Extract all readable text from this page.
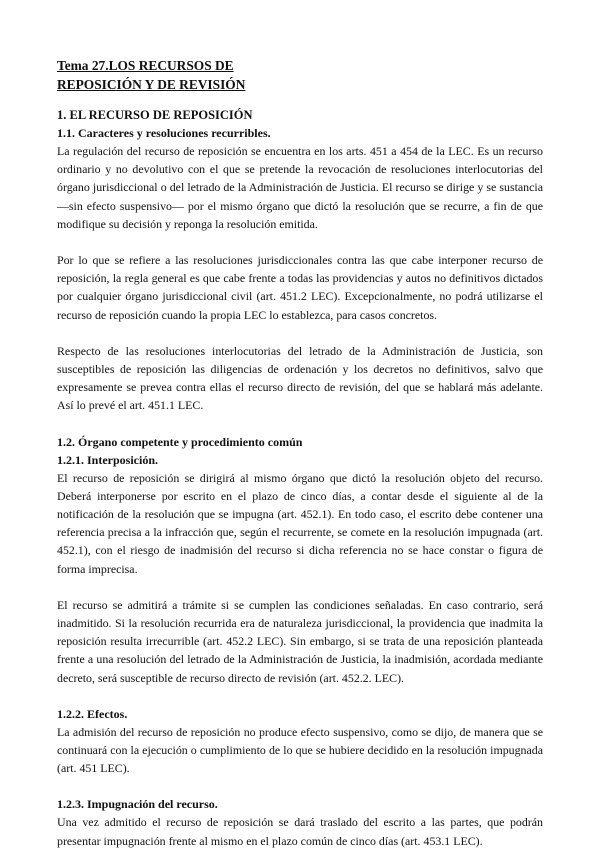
Tema 27.LOS RECURSOS DE
REPOSICIÓN Y DE REVISIÓN
1. EL RECURSO DE REPOSICIÓN
1.1. Caracteres y resoluciones recurribles.

La regulación del recurso de reposición se encuentra en los arts. 451 a 454 de la LEC. Es un recurso ordinario y no devolutivo con el que se pretende la revocación de resoluciones interlocutorias del órgano jurisdiccional o del letrado de la Administración de Justicia. El recurso se dirige y se sustancia —sin efecto suspensivo— por el mismo órgano que dictó la resolución que se recurre, a fin de que modifique su decisión y reponga la resolución emitida.

Por lo que se refiere a las resoluciones jurisdiccionales contra las que cabe interponer recurso de reposición, la regla general es que cabe frente a todas las providencias y autos no definitivos dictados por cualquier órgano jurisdiccional civil (art. 451.2 LEC). Excepcionalmente, no podrá utilizarse el recurso de reposición cuando la propia LEC lo establezca, para casos concretos.

Respecto de las resoluciones interlocutorias del letrado de la Administración de Justicia, son susceptibles de reposición las diligencias de ordenación y los decretos no definitivos, salvo que expresamente se prevea contra ellas el recurso directo de revisión, del que se hablará más adelante. Así lo prevé el art. 451.1 LEC.

1.2. Órgano competente y procedimiento común
1.2.1. Interposición.

El recurso de reposición se dirigirá al mismo órgano que dictó la resolución objeto del recurso. Deberá interponerse por escrito en el plazo de cinco días, a contar desde el siguiente al de la notificación de la resolución que se impugna (art. 452.1). En todo caso, el escrito debe contener una referencia precisa a la infracción que, según el recurrente, se comete en la resolución impugnada (art. 452.1), con el riesgo de inadmisión del recurso si dicha referencia no se hace constar o figura de forma imprecisa.

El recurso se admitirá a trámite si se cumplen las condiciones señaladas. En caso contrario, será inadmitido. Si la resolución recurrida era de naturaleza jurisdiccional, la providencia que inadmita la reposición resulta irrecurrible (art. 452.2 LEC). Sin embargo, si se trata de una reposición planteada frente a una resolución del letrado de la Administración de Justicia, la inadmisión, acordada mediante decreto, será susceptible de recurso directo de revisión (art. 452.2. LEC).

1.2.2. Efectos.

La admisión del recurso de reposición no produce efecto suspensivo, como se dijo, de manera que se continuará con la ejecución o cumplimiento de lo que se hubiere decidido en la resolución impugnada (art. 451 LEC).

1.2.3. Impugnación del recurso.

Una vez admitido el recurso de reposición se dará traslado del escrito a las partes, que podrán presentar impugnación frente al mismo en el plazo común de cinco días (art. 453.1 LEC).
